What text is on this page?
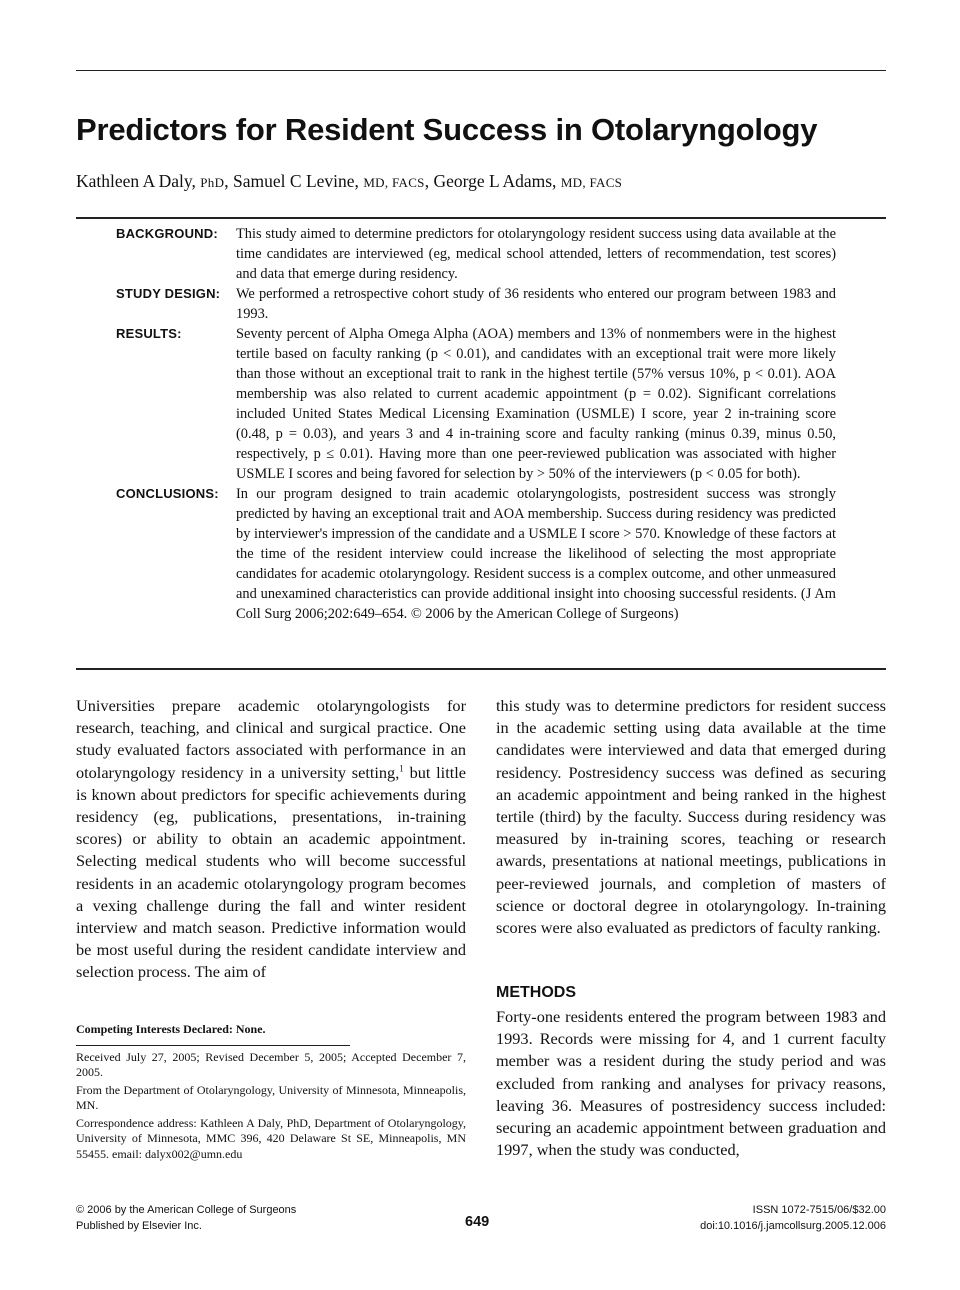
Predictors for Resident Success in Otolaryngology
Kathleen A Daly, PhD, Samuel C Levine, MD, FACS, George L Adams, MD, FACS
BACKGROUND:	This study aimed to determine predictors for otolaryngology resident success using data available at the time candidates are interviewed (eg, medical school attended, letters of recommendation, test scores) and data that emerge during residency.
STUDY DESIGN:	We performed a retrospective cohort study of 36 residents who entered our program between 1983 and 1993.
RESULTS:	Seventy percent of Alpha Omega Alpha (AOA) members and 13% of nonmembers were in the highest tertile based on faculty ranking (p < 0.01), and candidates with an exceptional trait were more likely than those without an exceptional trait to rank in the highest tertile (57% versus 10%, p < 0.01). AOA membership was also related to current academic appointment (p = 0.02). Significant correlations included United States Medical Licensing Examination (USMLE) I score, year 2 in-training score (0.48, p = 0.03), and years 3 and 4 in-training score and faculty ranking (minus 0.39, minus 0.50, respectively, p ≤ 0.01). Having more than one peer-reviewed publication was associated with higher USMLE I scores and being favored for selection by > 50% of the interviewers (p < 0.05 for both).
CONCLUSIONS:	In our program designed to train academic otolaryngologists, postresident success was strongly predicted by having an exceptional trait and AOA membership. Success during residency was predicted by interviewer's impression of the candidate and a USMLE I score > 570. Knowledge of these factors at the time of the resident interview could increase the likelihood of selecting the most appropriate candidates for academic otolaryngology. Resident success is a complex outcome, and other unmeasured and unexamined characteristics can provide additional insight into choosing successful residents. (J Am Coll Surg 2006;202:649–654. © 2006 by the American College of Surgeons)
Universities prepare academic otolaryngologists for research, teaching, and clinical and surgical practice. One study evaluated factors associated with performance in an otolaryngology residency in a university setting,$^1$ but little is known about predictors for specific achievements during residency (eg, publications, presentations, in-training scores) or ability to obtain an academic appointment. Selecting medical students who will become successful residents in an academic otolaryngology program becomes a vexing challenge during the fall and winter resident interview and match season. Predictive information would be most useful during the resident candidate interview and selection process. The aim of
this study was to determine predictors for resident success in the academic setting using data available at the time candidates were interviewed and data that emerged during residency. Postresidency success was defined as securing an academic appointment and being ranked in the highest tertile (third) by the faculty. Success during residency was measured by in-training scores, teaching or research awards, presentations at national meetings, publications in peer-reviewed journals, and completion of masters of science or doctoral degree in otolaryngology. In-training scores were also evaluated as predictors of faculty ranking.
METHODS
Forty-one residents entered the program between 1983 and 1993. Records were missing for 4, and 1 current faculty member was a resident during the study period and was excluded from ranking and analyses for privacy reasons, leaving 36. Measures of postresidency success included: securing an academic appointment between graduation and 1997, when the study was conducted,
Competing Interests Declared: None.

Received July 27, 2005; Revised December 5, 2005; Accepted December 7, 2005.

From the Department of Otolaryngology, University of Minnesota, Minneapolis, MN.

Correspondence address: Kathleen A Daly, PhD, Department of Otolaryngology, University of Minnesota, MMC 396, 420 Delaware St SE, Minneapolis, MN 55455. email: dalyx002@umn.edu

© 2006 by the American College of Surgeons
Published by Elsevier Inc.	649
ISSN 1072-7515/06/$32.00
doi:10.1016/j.jamcollsurg.2005.12.006
